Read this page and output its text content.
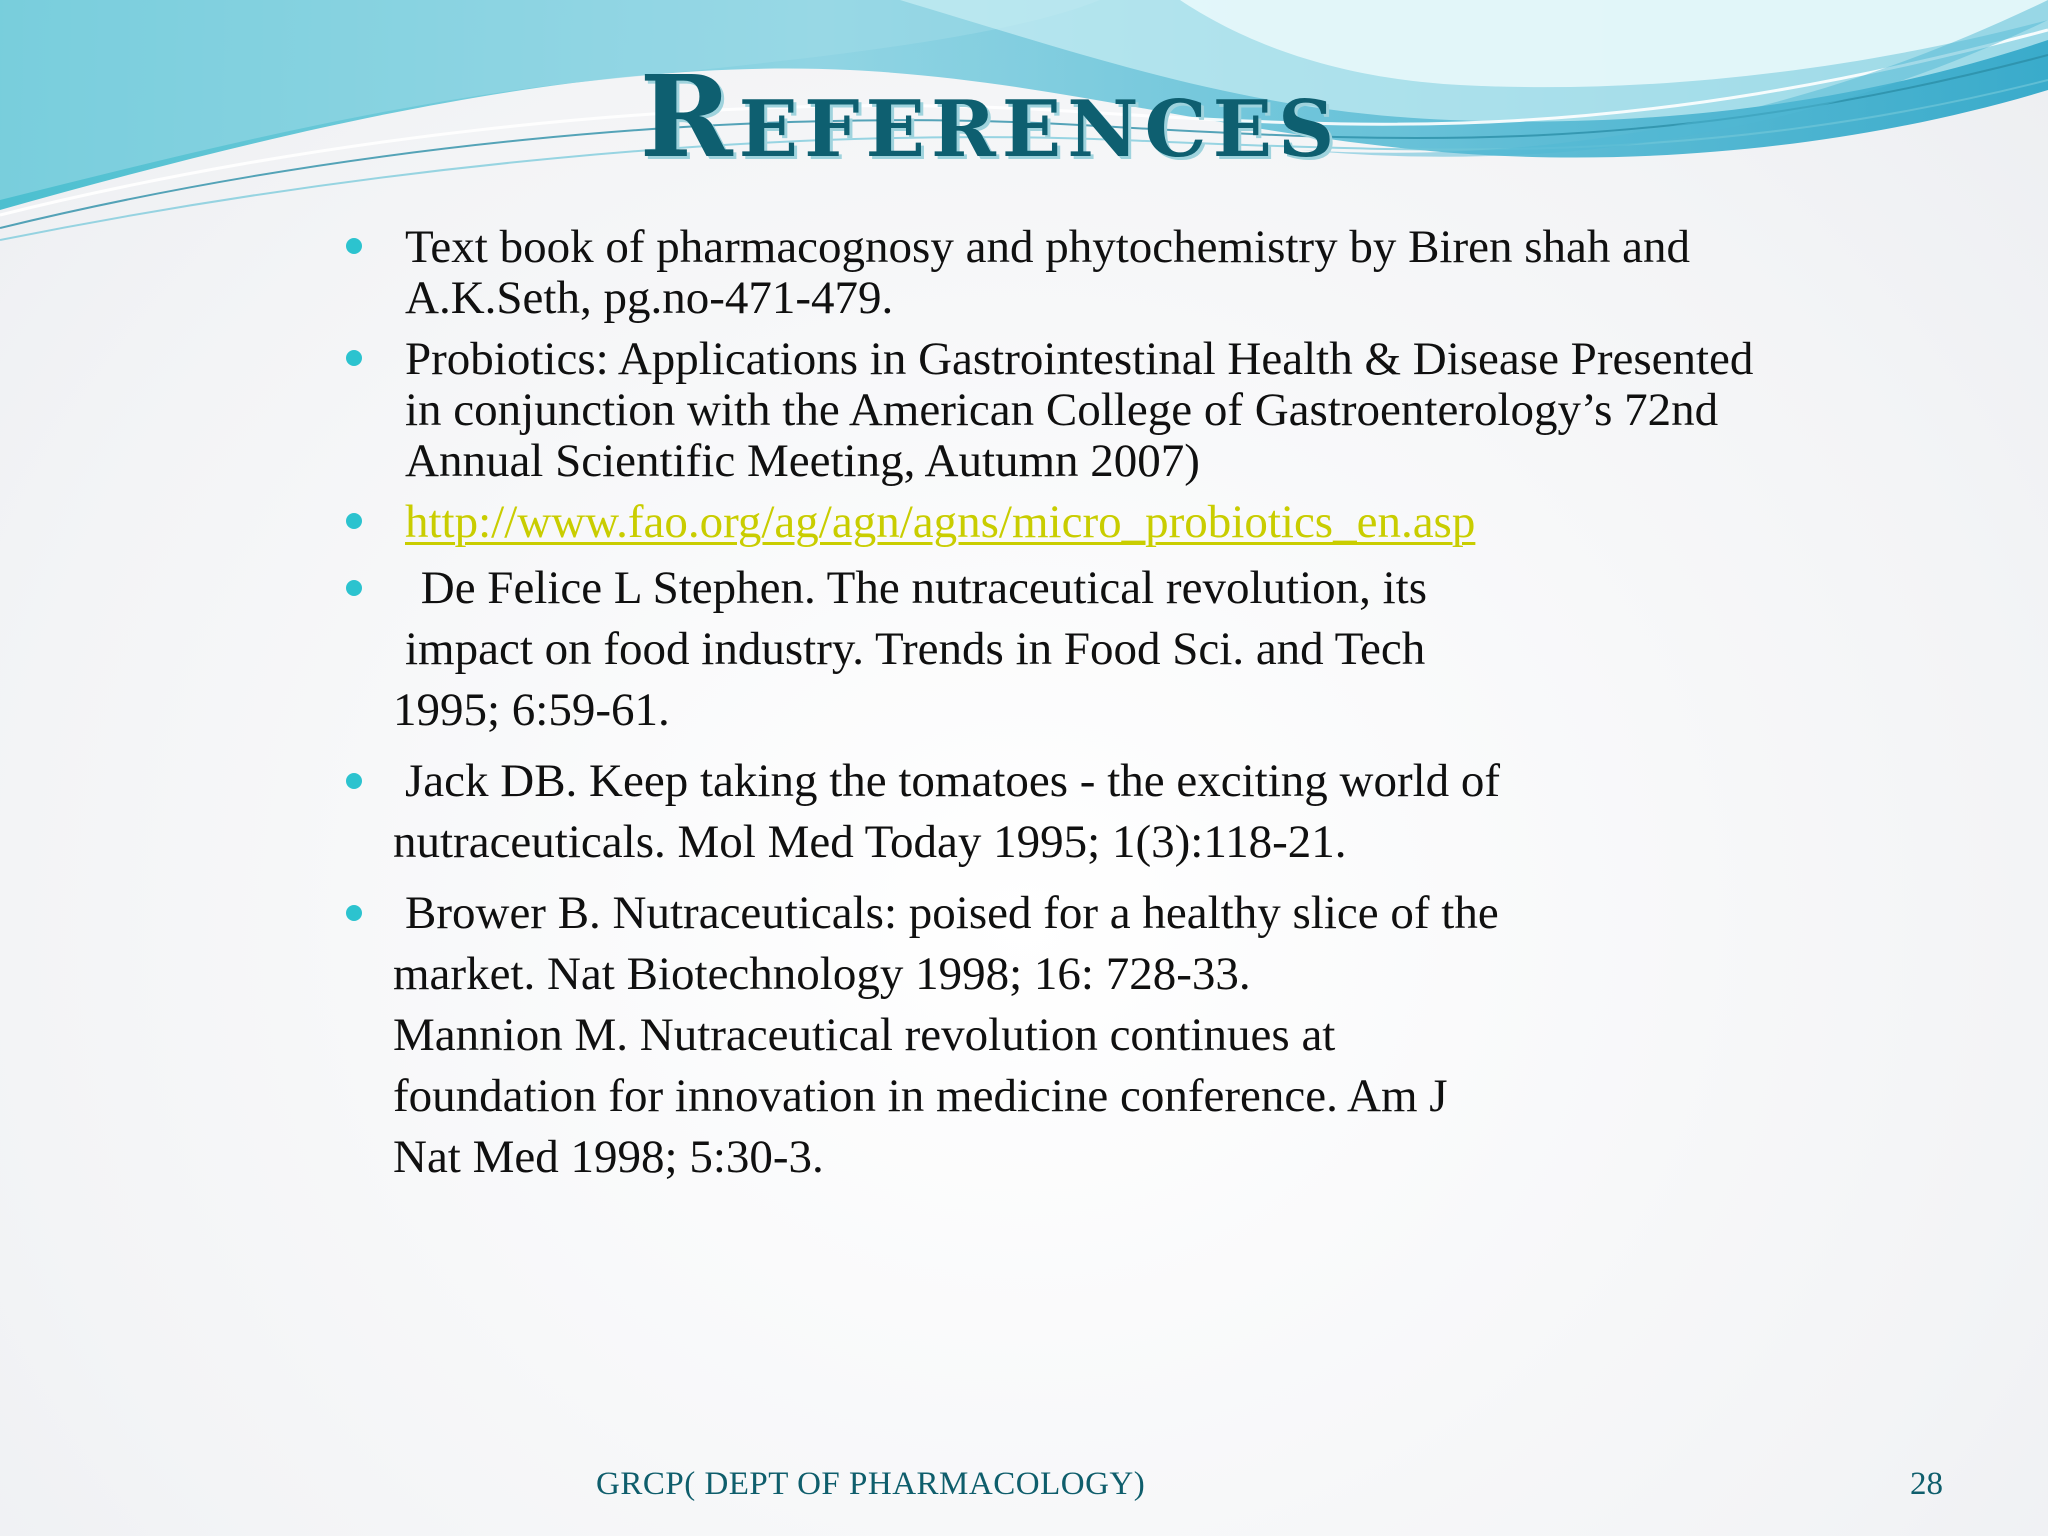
References
Text book of pharmacognosy and phytochemistry by Biren shah and
A.K.Seth, pg.no-471-479.
Probiotics: Applications in Gastrointestinal Health & Disease Presented
in conjunction with the American College of Gastroenterology’s 72nd
Annual Scientific Meeting, Autumn 2007)
http://www.fao.org/ag/agn/agns/micro_probiotics_en.asp
De Felice L Stephen. The nutraceutical revolution, its
impact on food industry. Trends in Food Sci. and Tech
1995; 6:59-61.
Jack DB. Keep taking the tomatoes - the exciting world of
nutraceuticals. Mol Med Today 1995; 1(3):118-21.
Brower B. Nutraceuticals: poised for a healthy slice of the
market. Nat Biotechnology 1998; 16: 728-33.
Mannion M. Nutraceutical revolution continues at
foundation for innovation in medicine conference. Am J
Nat Med 1998; 5:30-3.
GRCP( DEPT OF PHARMACOLOGY)	28
